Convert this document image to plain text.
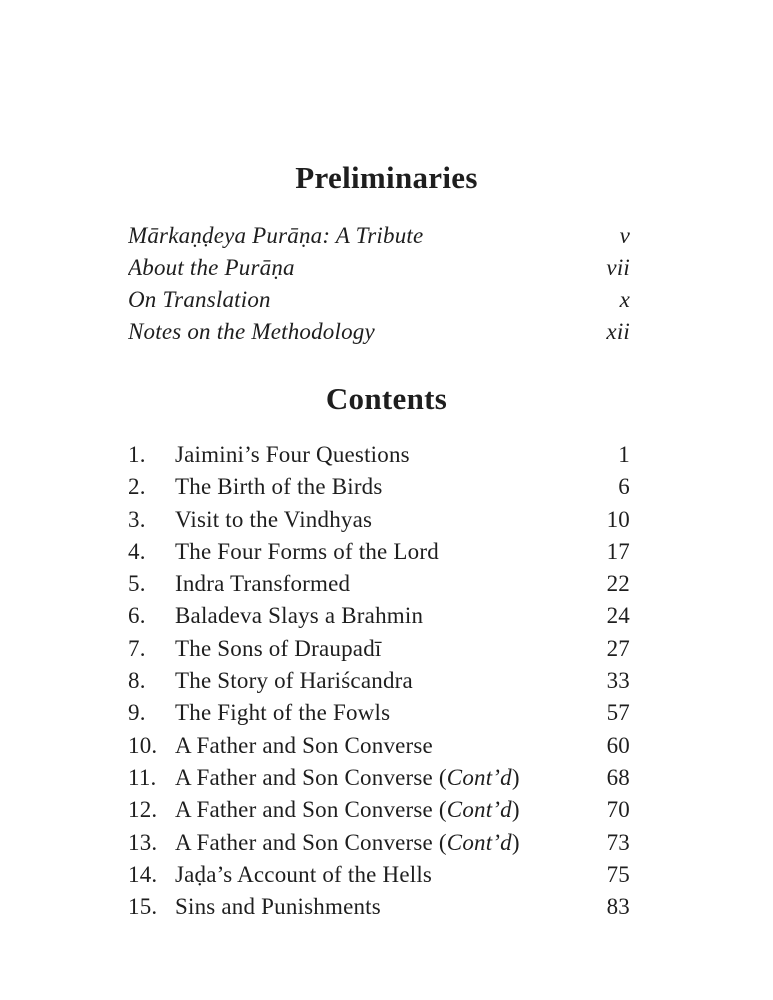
Preliminaries
Mārkaṇḍeya Purāṇa: A Tribute	v
About the Purāṇa	vii
On Translation	x
Notes on the Methodology	xii
Contents
1.	Jaimini’s Four Questions	1
2.	The Birth of the Birds	6
3.	Visit to the Vindhyas	10
4.	The Four Forms of the Lord	17
5.	Indra Transformed	22
6.	Baladeva Slays a Brahmin	24
7.	The Sons of Draupadī	27
8.	The Story of Hariścandra	33
9.	The Fight of the Fowls	57
10. A Father and Son Converse	60
11. A Father and Son Converse (Cont’d)	68
12. A Father and Son Converse (Cont’d)	70
13. A Father and Son Converse (Cont’d)	73
14. Jaḍa’s Account of the Hells	75
15. Sins and Punishments	83
